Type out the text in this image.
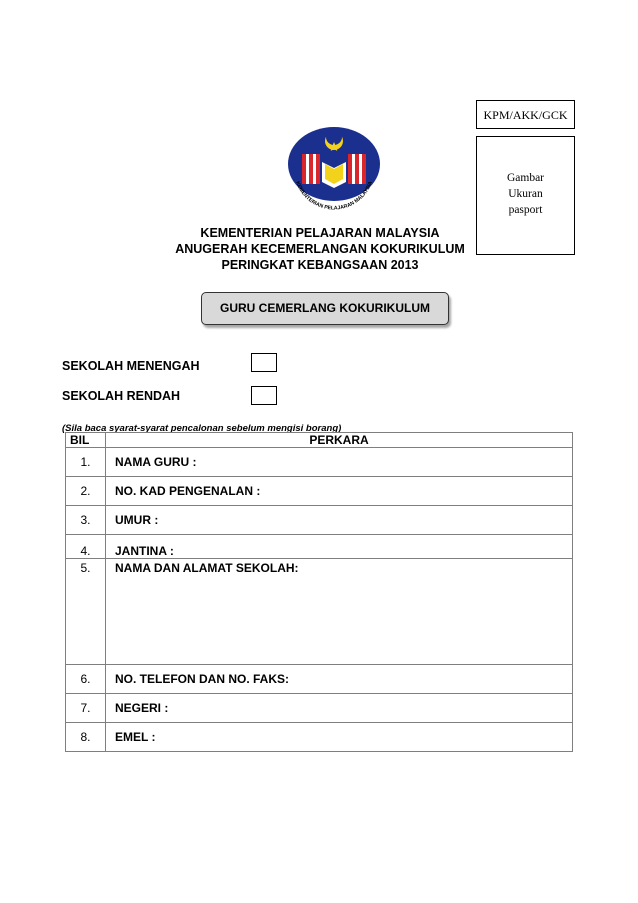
KPM/AKK/GCK
Gambar
Ukuran
pasport
KEMENTERIAN PELAJARAN MALAYSIA
KEMENTERIAN PELAJARAN MALAYSIA
ANUGERAH KECEMERLANGAN KOKURIKULUM
PERINGKAT KEBANGSAAN 2013
GURU CEMERLANG KOKURIKULUM
SEKOLAH MENENGAH
SEKOLAH RENDAH
(Sila baca syarat-syarat pencalonan sebelum mengisi borang)
BIL	PERKARA
1.	NAMA GURU :
2.	NO. KAD PENGENALAN :
3.	UMUR :
4.	JANTINA :
5.	NAMA DAN ALAMAT SEKOLAH:
6.	NO. TELEFON DAN NO. FAKS:
7.	NEGERI :
8.	EMEL :
